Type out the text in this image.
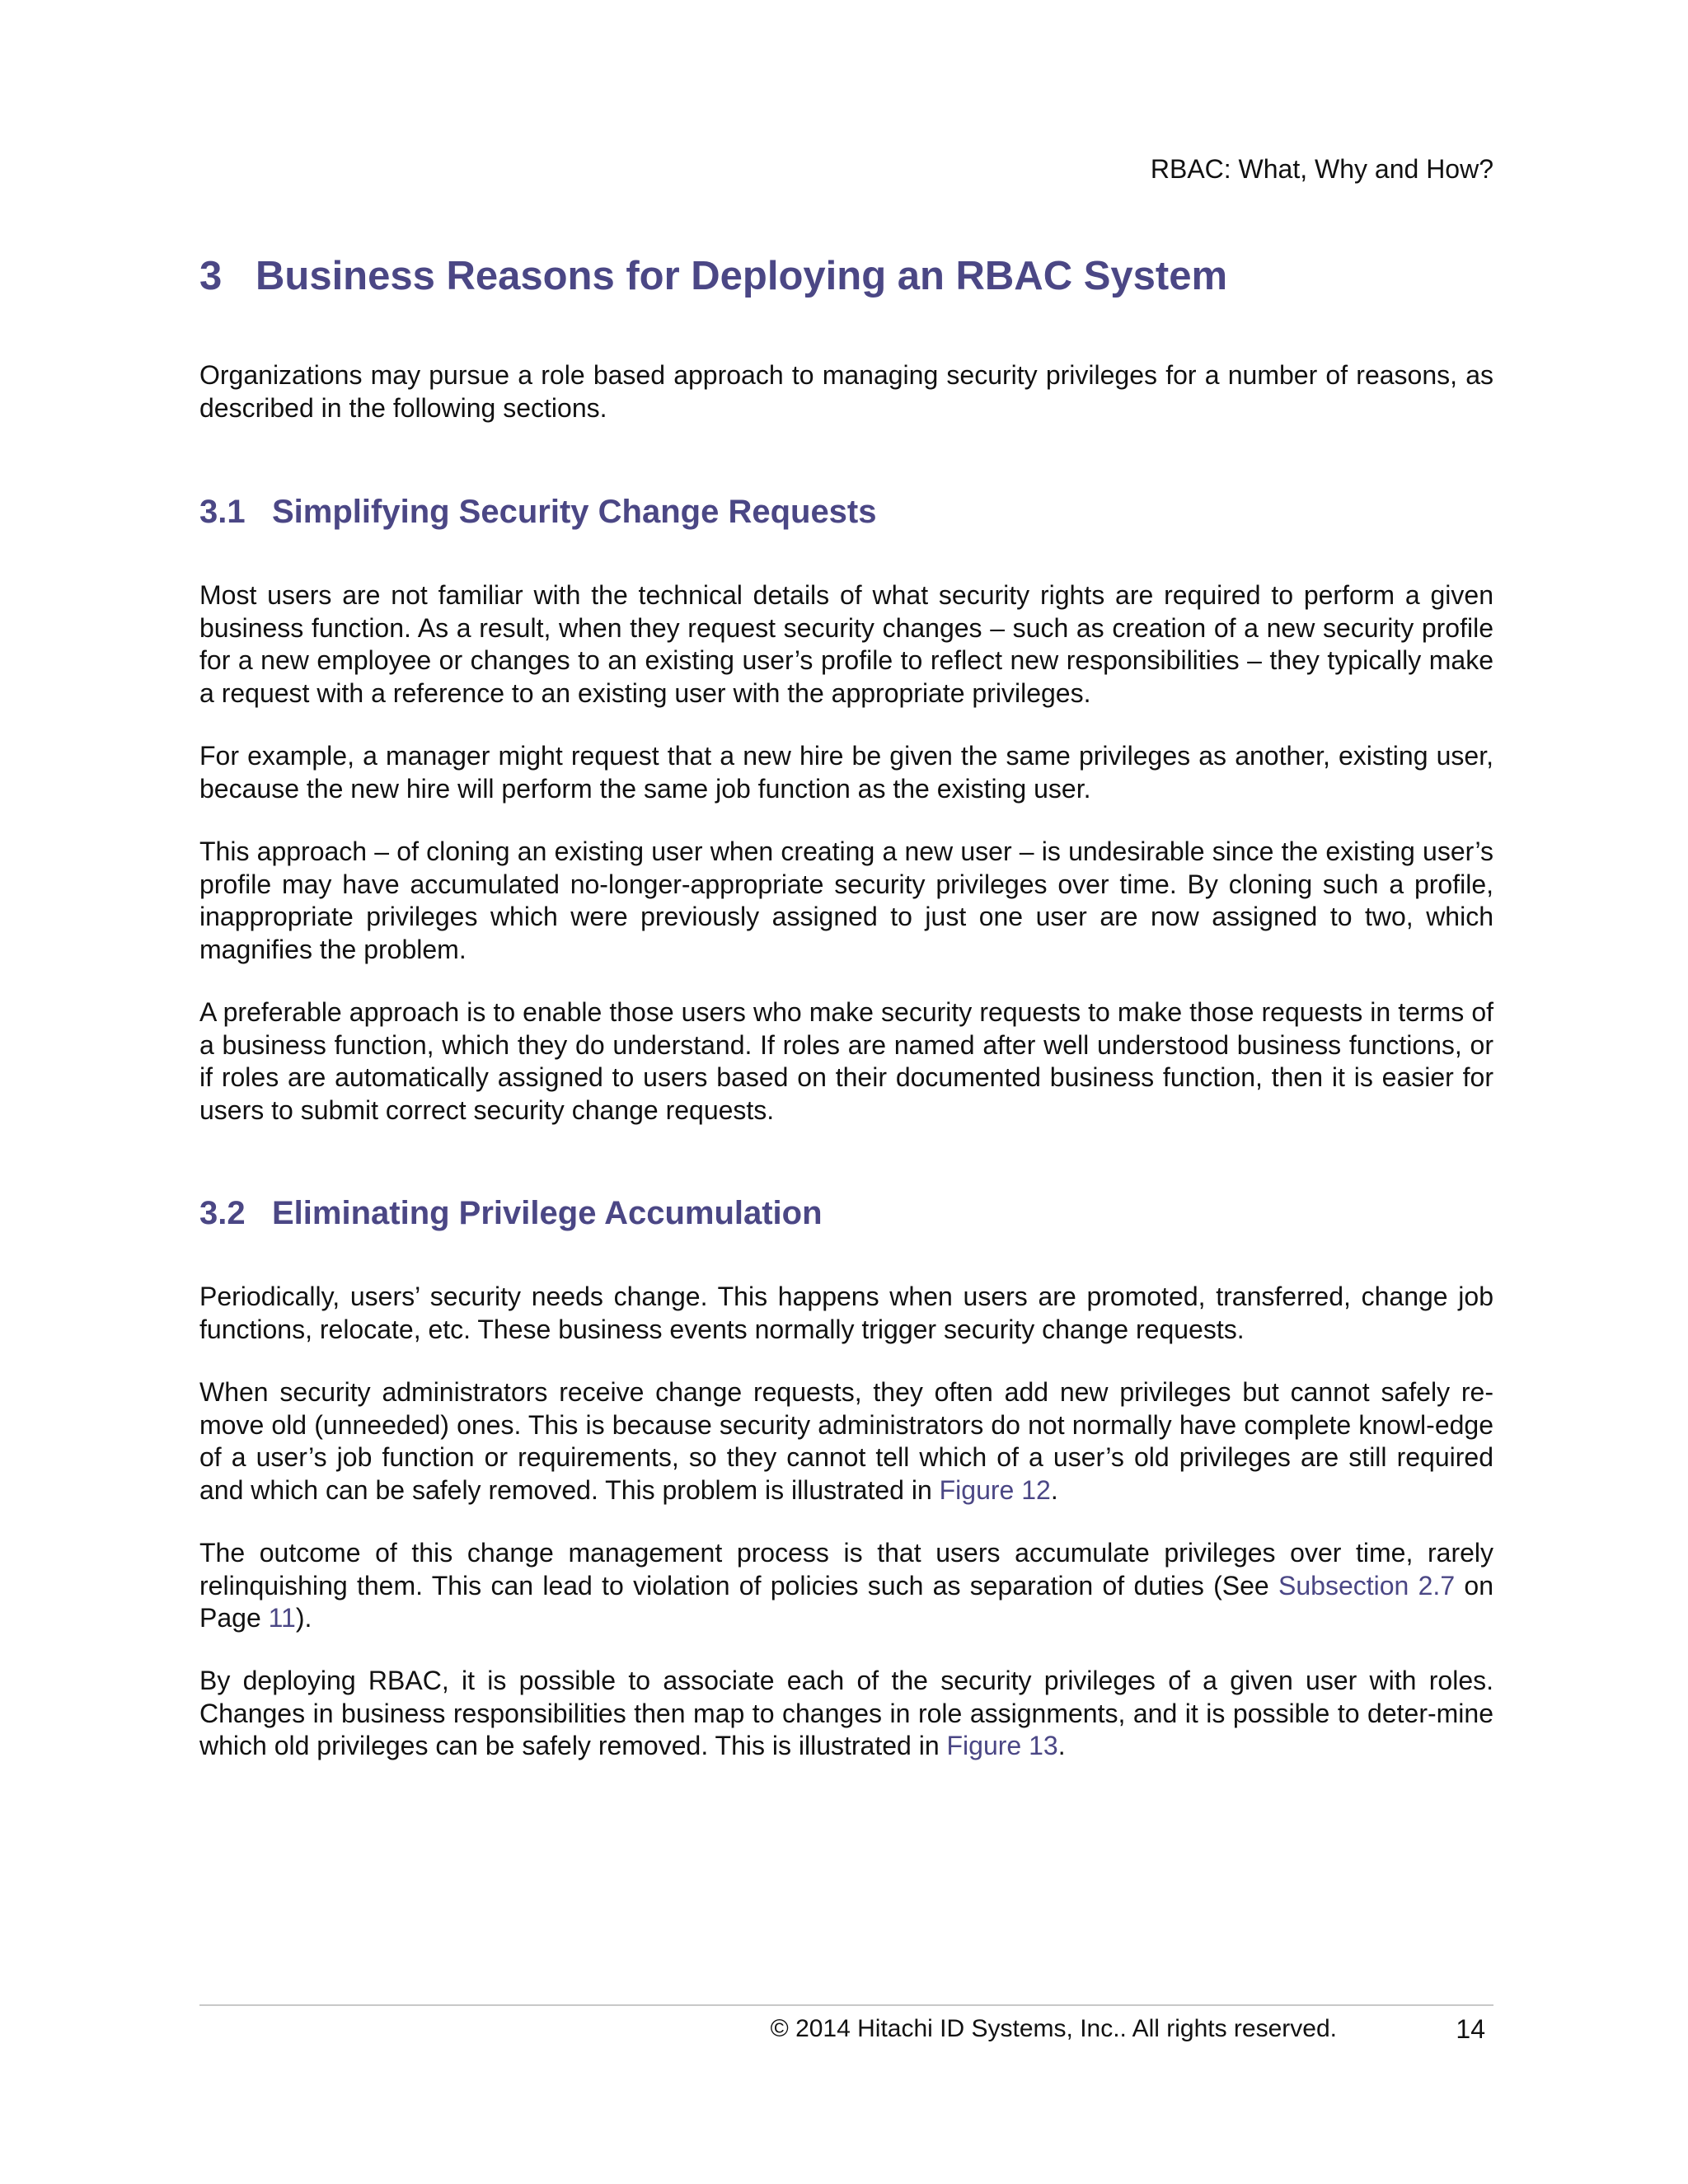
RBAC: What, Why and How?
3 Business Reasons for Deploying an RBAC System

Organizations may pursue a role based approach to managing security privileges for a number of reasons, as described in the following sections.

3.1 Simplifying Security Change Requests

Most users are not familiar with the technical details of what security rights are required to perform a given business function. As a result, when they request security changes – such as creation of a new security profile for a new employee or changes to an existing user’s profile to reflect new responsibilities – they typically make a request with a reference to an existing user with the appropriate privileges.

For example, a manager might request that a new hire be given the same privileges as another, existing user, because the new hire will perform the same job function as the existing user.

This approach – of cloning an existing user when creating a new user – is undesirable since the existing user’s profile may have accumulated no-longer-appropriate security privileges over time. By cloning such a profile, inappropriate privileges which were previously assigned to just one user are now assigned to two, which magnifies the problem.

A preferable approach is to enable those users who make security requests to make those requests in terms of a business function, which they do understand. If roles are named after well understood business functions, or if roles are automatically assigned to users based on their documented business function, then it is easier for users to submit correct security change requests.

3.2 Eliminating Privilege Accumulation

Periodically, users’ security needs change. This happens when users are promoted, transferred, change job functions, relocate, etc. These business events normally trigger security change requests.

When security administrators receive change requests, they often add new privileges but cannot safely re-move old (unneeded) ones. This is because security administrators do not normally have complete knowl-edge of a user’s job function or requirements, so they cannot tell which of a user’s old privileges are still required and which can be safely removed. This problem is illustrated in Figure 12.

The outcome of this change management process is that users accumulate privileges over time, rarely relinquishing them. This can lead to violation of policies such as separation of duties (See Subsection 2.7 on Page 11).

By deploying RBAC, it is possible to associate each of the security privileges of a given user with roles. Changes in business responsibilities then map to changes in role assignments, and it is possible to deter-mine which old privileges can be safely removed. This is illustrated in Figure 13.

© 2014 Hitachi ID Systems, Inc.. All rights reserved.	14
